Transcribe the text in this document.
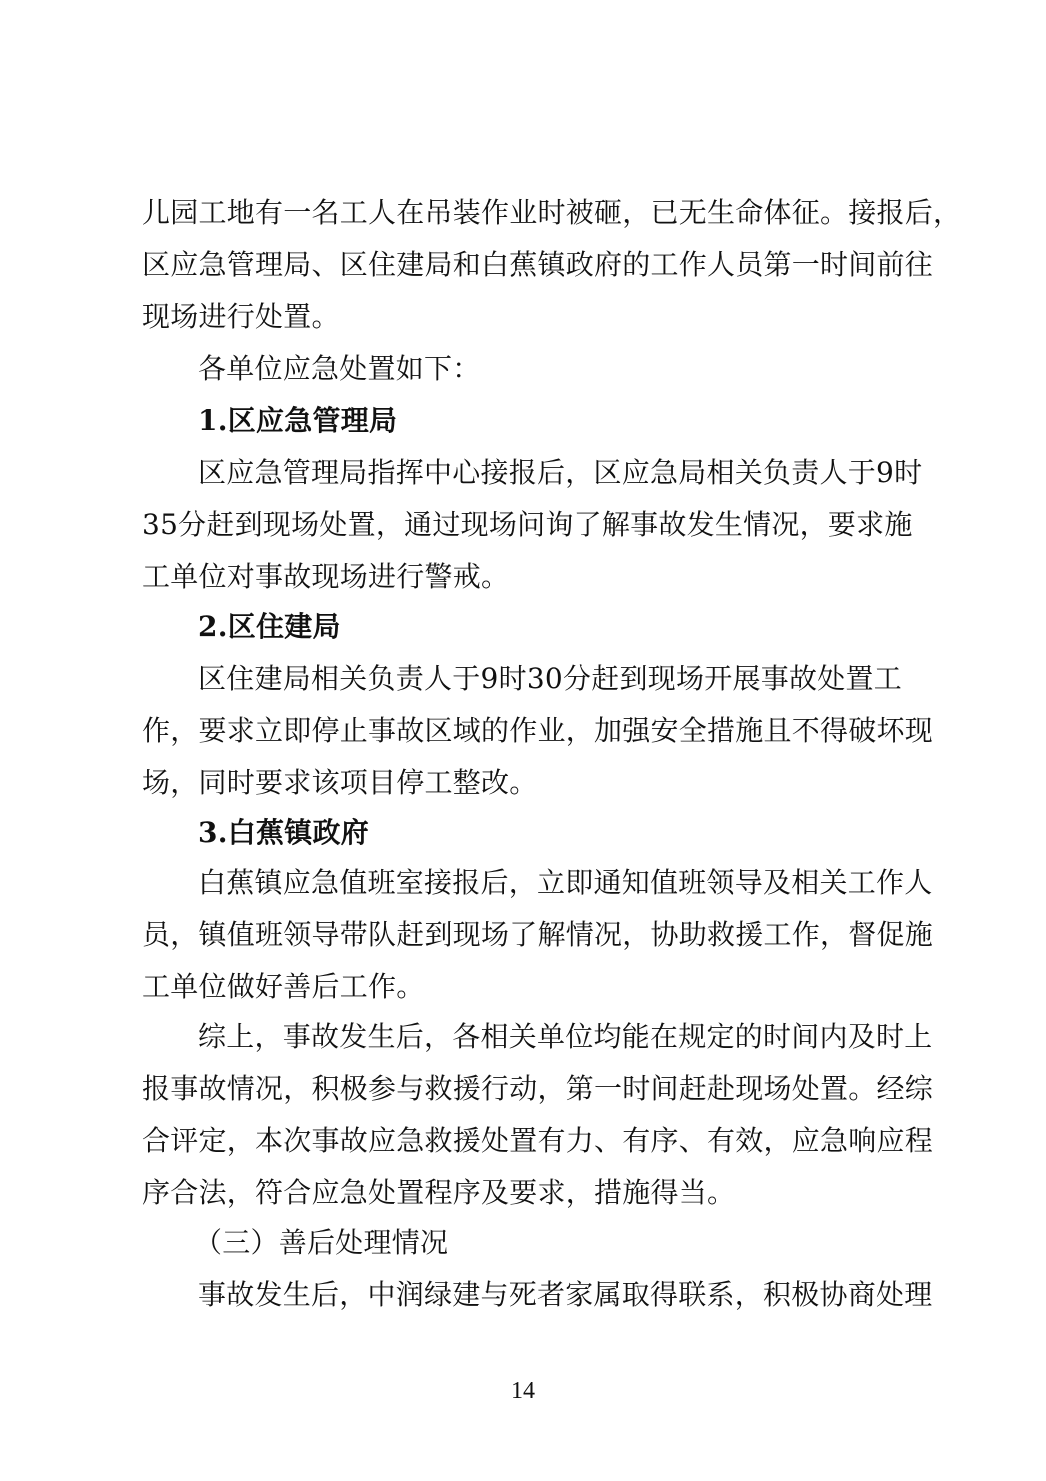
儿园工地有一名工人在吊装作业时被砸，已无生命体征。接报后，
区应急管理局、区住建局和白蕉镇政府的工作人员第一时间前往
现场进行处置。
各单位应急处置如下：
1.区应急管理局
区应急管理局指挥中心接报后，区应急局相关负责人于9时
35分赶到现场处置，通过现场问询了解事故发生情况，要求施
工单位对事故现场进行警戒。
2.区住建局
区住建局相关负责人于9时30分赶到现场开展事故处置工
作，要求立即停止事故区域的作业，加强安全措施且不得破坏现
场，同时要求该项目停工整改。
3.白蕉镇政府
白蕉镇应急值班室接报后，立即通知值班领导及相关工作人
员，镇值班领导带队赶到现场了解情况，协助救援工作，督促施
工单位做好善后工作。
综上，事故发生后，各相关单位均能在规定的时间内及时上
报事故情况，积极参与救援行动，第一时间赶赴现场处置。经综
合评定，本次事故应急救援处置有力、有序、有效，应急响应程
序合法，符合应急处置程序及要求，措施得当。
（三）善后处理情况
事故发生后，中润绿建与死者家属取得联系，积极协商处理
14
